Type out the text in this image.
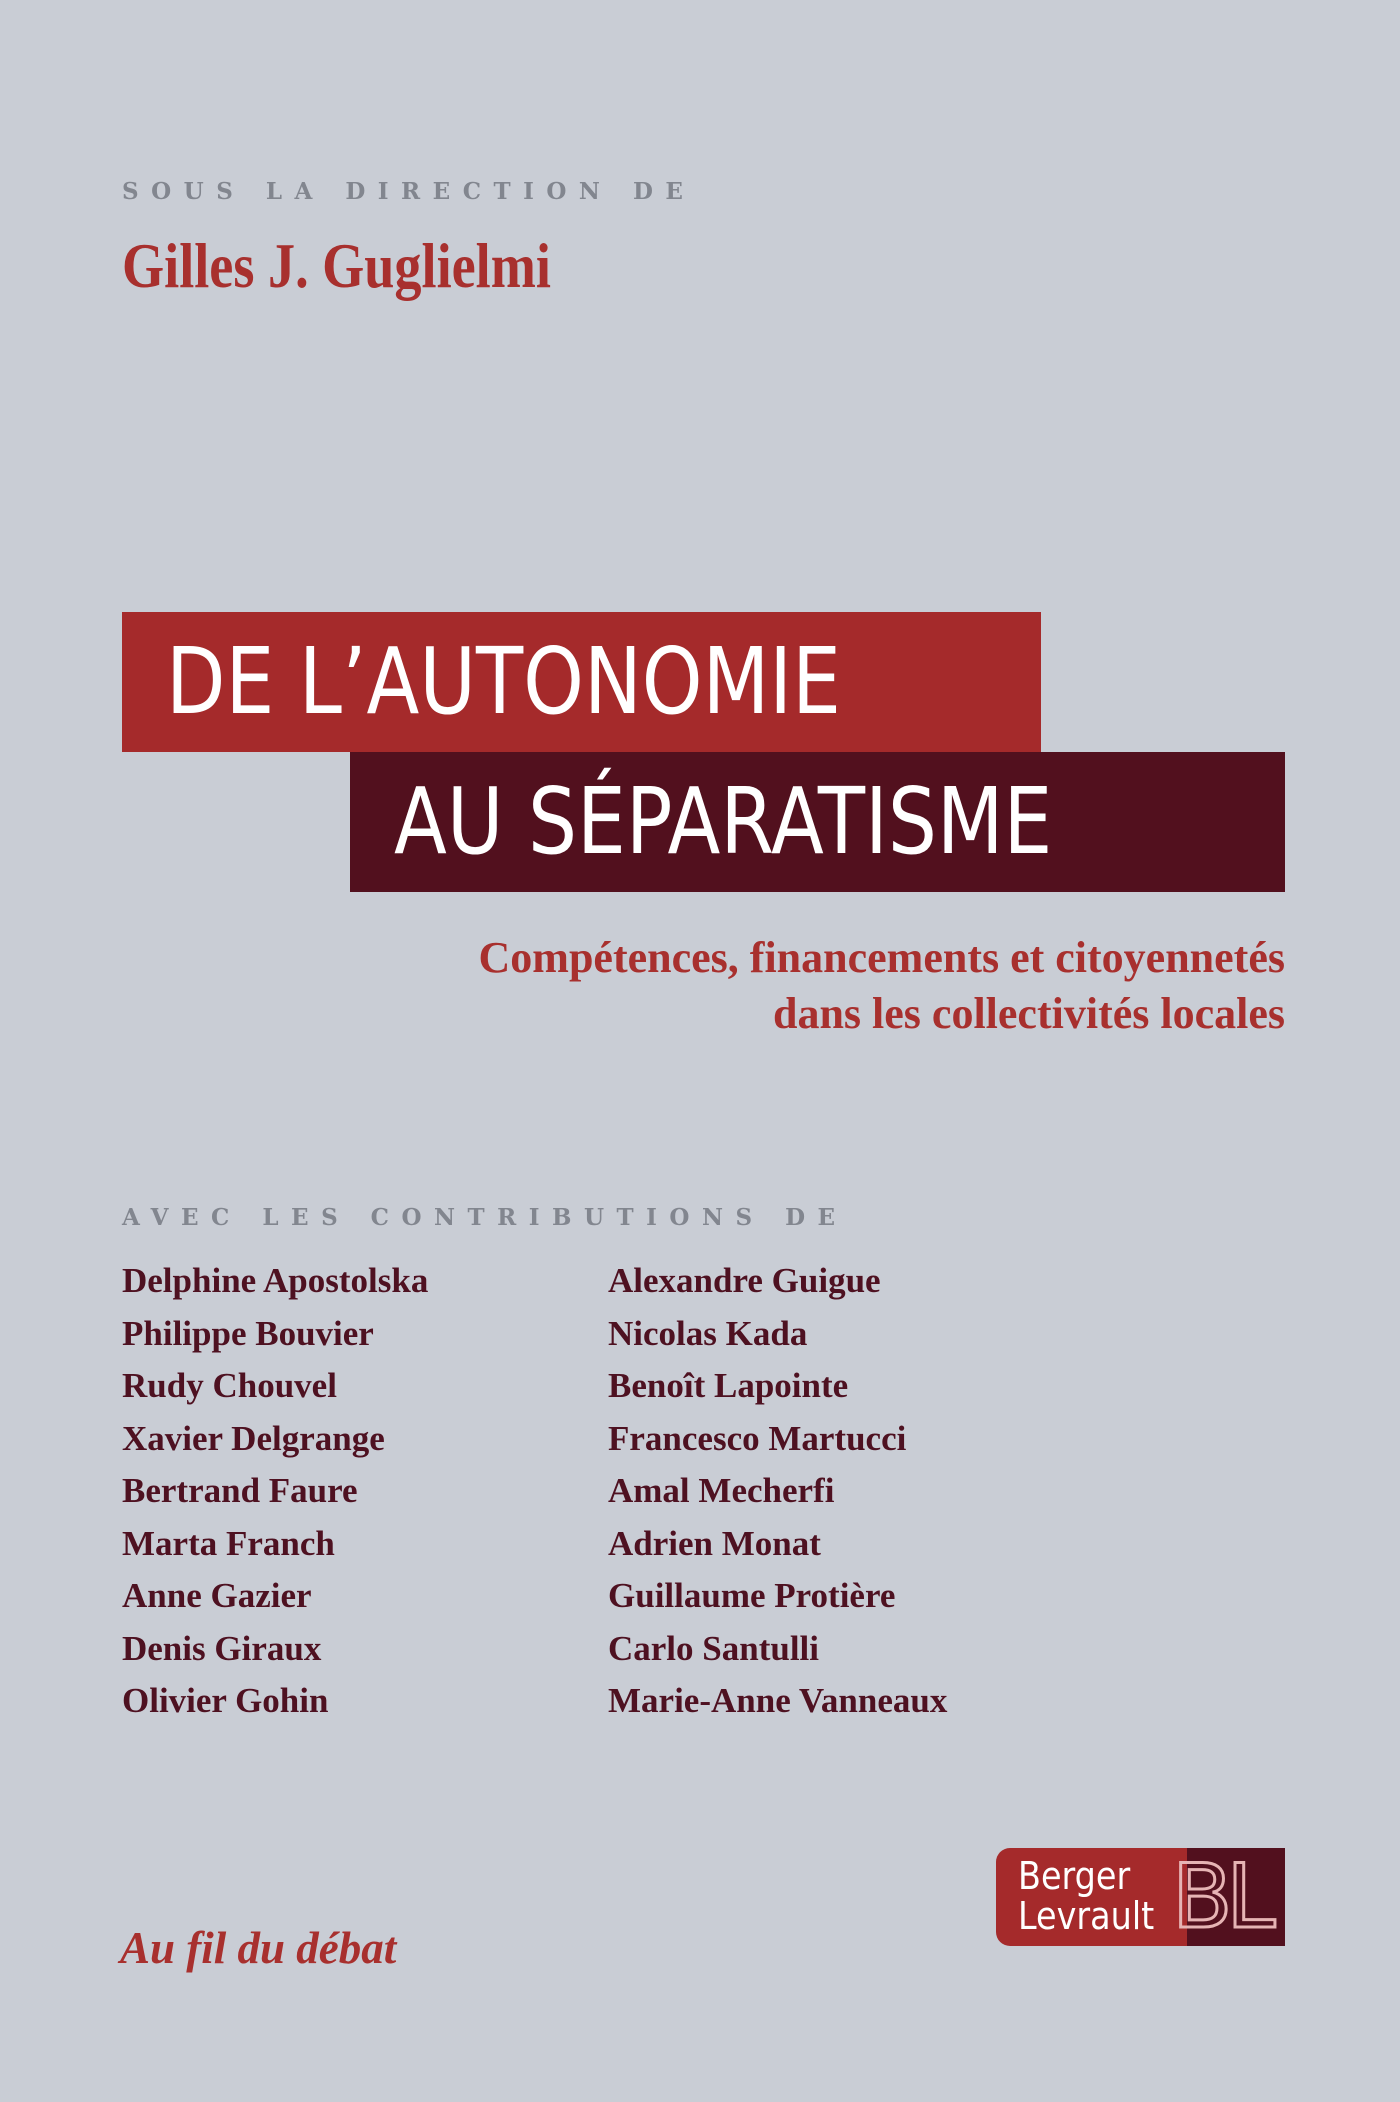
SOUS LA DIRECTION DE
Gilles J. Guglielmi
DE L’AUTONOMIE
AU SÉPARATISME
Compétences, financements et citoyennetés
dans les collectivités locales
AVEC LES CONTRIBUTIONS DE
Delphine Apostolska
Philippe Bouvier
Rudy Chouvel
Xavier Delgrange
Bertrand Faure
Marta Franch
Anne Gazier
Denis Giraux
Olivier Gohin
Alexandre Guigue
Nicolas Kada
Benoît Lapointe
Francesco Martucci
Amal Mecherfi
Adrien Monat
Guillaume Protière
Carlo Santulli
Marie-Anne Vanneaux
Berger
Levrault BL
Au fil du débat
